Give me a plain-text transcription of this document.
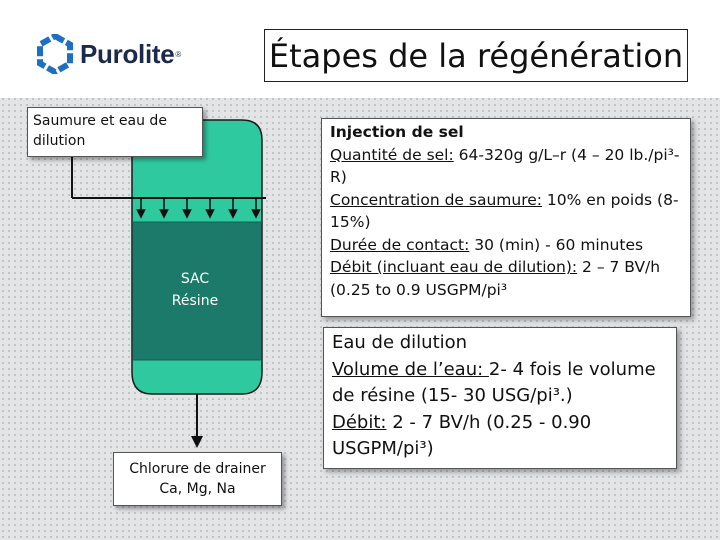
Purolite ®	Étapes de la régénération
SAC
Résine
Saumure et eau de dilution
Chlorure de drainer
Ca, Mg, Na
Injection de sel
Quantité de sel: 64-320g g/L–r (4 – 20 lb./pi³-R)
Concentration de saumure: 10% en poids (8-15%)
Durée de contact: 30 (min) - 60 minutes
Débit (incluant eau de dilution): 2 – 7 BV/h (0.25 to 0.9 USGPM/pi³
Eau de dilution
Volume de l’eau: 2- 4 fois le volume de résine (15- 30 USG/pi³.)
Débit: 2 - 7 BV/h (0.25 - 0.90 USGPM/pi³)
